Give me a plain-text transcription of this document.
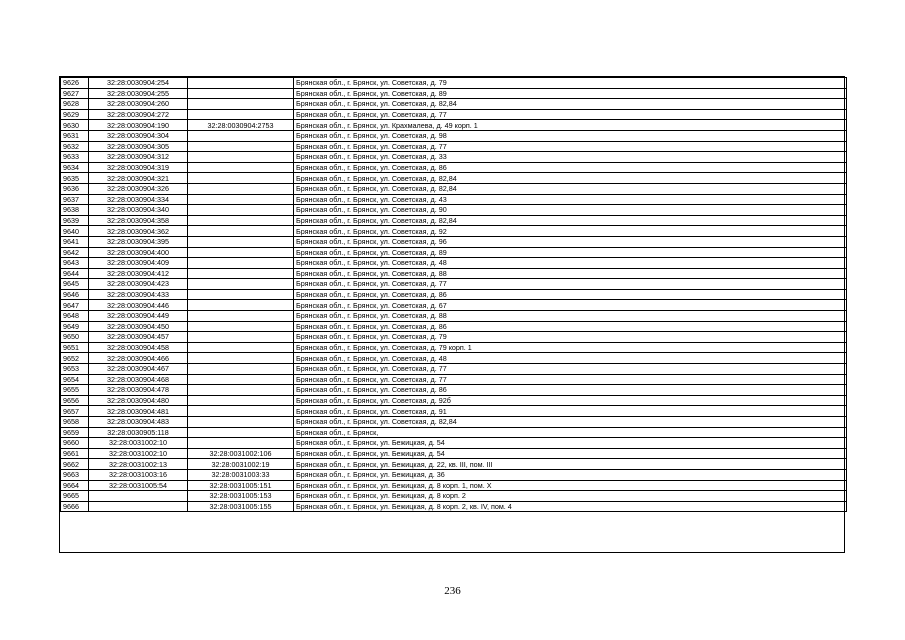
9626	32:28:0030904:254		Брянская обл., г. Брянск, ул. Советская, д. 79
9627	32:28:0030904:255		Брянская обл., г. Брянск, ул. Советская, д. 89
9628	32:28:0030904:260		Брянская обл., г. Брянск, ул. Советская, д. 82,84
9629	32:28:0030904:272		Брянская обл., г. Брянск, ул. Советская, д. 77
9630	32:28:0030904:190	32:28:0030904:2753	Брянская обл., г. Брянск, ул. Крахмалева, д. 49 корп. 1
9631	32:28:0030904:304		Брянская обл., г. Брянск, ул. Советская, д. 98
9632	32:28:0030904:305		Брянская обл., г. Брянск, ул. Советская, д. 77
9633	32:28:0030904:312		Брянская обл., г. Брянск, ул. Советская, д. 33
9634	32:28:0030904:319		Брянская обл., г. Брянск, ул. Советская, д. 86
9635	32:28:0030904:321		Брянская обл., г. Брянск, ул. Советская, д. 82,84
9636	32:28:0030904:326		Брянская обл., г. Брянск, ул. Советская, д. 82,84
9637	32:28:0030904:334		Брянская обл., г. Брянск, ул. Советская, д. 43
9638	32:28:0030904:340		Брянская обл., г. Брянск, ул. Советская, д. 90
9639	32:28:0030904:358		Брянская обл., г. Брянск, ул. Советская, д. 82,84
9640	32:28:0030904:362		Брянская обл., г. Брянск, ул. Советская, д. 92
9641	32:28:0030904:395		Брянская обл., г. Брянск, ул. Советская, д. 96
9642	32:28:0030904:400		Брянская обл., г. Брянск, ул. Советская, д. 89
9643	32:28:0030904:409		Брянская обл., г. Брянск, ул. Советская, д. 48
9644	32:28:0030904:412		Брянская обл., г. Брянск, ул. Советская, д. 88
9645	32:28:0030904:423		Брянская обл., г. Брянск, ул. Советская, д. 77
9646	32:28:0030904:433		Брянская обл., г. Брянск, ул. Советская, д. 86
9647	32:28:0030904:446		Брянская обл., г. Брянск, ул. Советская, д. 67
9648	32:28:0030904:449		Брянская обл., г. Брянск, ул. Советская, д. 88
9649	32:28:0030904:450		Брянская обл., г. Брянск, ул. Советская, д. 86
9650	32:28:0030904:457		Брянская обл., г. Брянск, ул. Советская, д. 79
9651	32:28:0030904:458		Брянская обл., г. Брянск, ул. Советская, д. 79 корп. 1
9652	32:28:0030904:466		Брянская обл., г. Брянск, ул. Советская, д. 48
9653	32:28:0030904:467		Брянская обл., г. Брянск, ул. Советская, д. 77
9654	32:28:0030904:468		Брянская обл., г. Брянск, ул. Советская, д. 77
9655	32:28:0030904:478		Брянская обл., г. Брянск, ул. Советская, д. 86
9656	32:28:0030904:480		Брянская обл., г. Брянск, ул. Советская, д. 92б
9657	32:28:0030904:481		Брянская обл., г. Брянск, ул. Советская, д. 91
9658	32:28:0030904:483		Брянская обл., г. Брянск, ул. Советская, д. 82,84
9659	32:28:0030905:118		Брянская обл., г. Брянск,
9660	32:28:0031002:10		Брянская обл., г. Брянск, ул. Бежицкая, д. 54
9661	32:28:0031002:10	32:28:0031002:106	Брянская обл., г. Брянск, ул. Бежицкая, д. 54
9662	32:28:0031002:13	32:28:0031002:19	Брянская обл., г. Брянск, ул. Бежицкая, д. 22, кв. III, пом. III
9663	32:28:0031003:16	32:28:0031003:33	Брянская обл., г. Брянск, ул. Бежицкая, д. 36
9664	32:28:0031005:54	32:28:0031005:151	Брянская обл., г. Брянск, ул. Бежицкая, д. 8 корп. 1, пом. X
9665		32:28:0031005:153	Брянская обл., г. Брянск, ул. Бежицкая, д. 8 корп. 2
9666		32:28:0031005:155	Брянская обл., г. Брянск, ул. Бежицкая, д. 8 корп. 2, кв. IV, пом. 4
236
